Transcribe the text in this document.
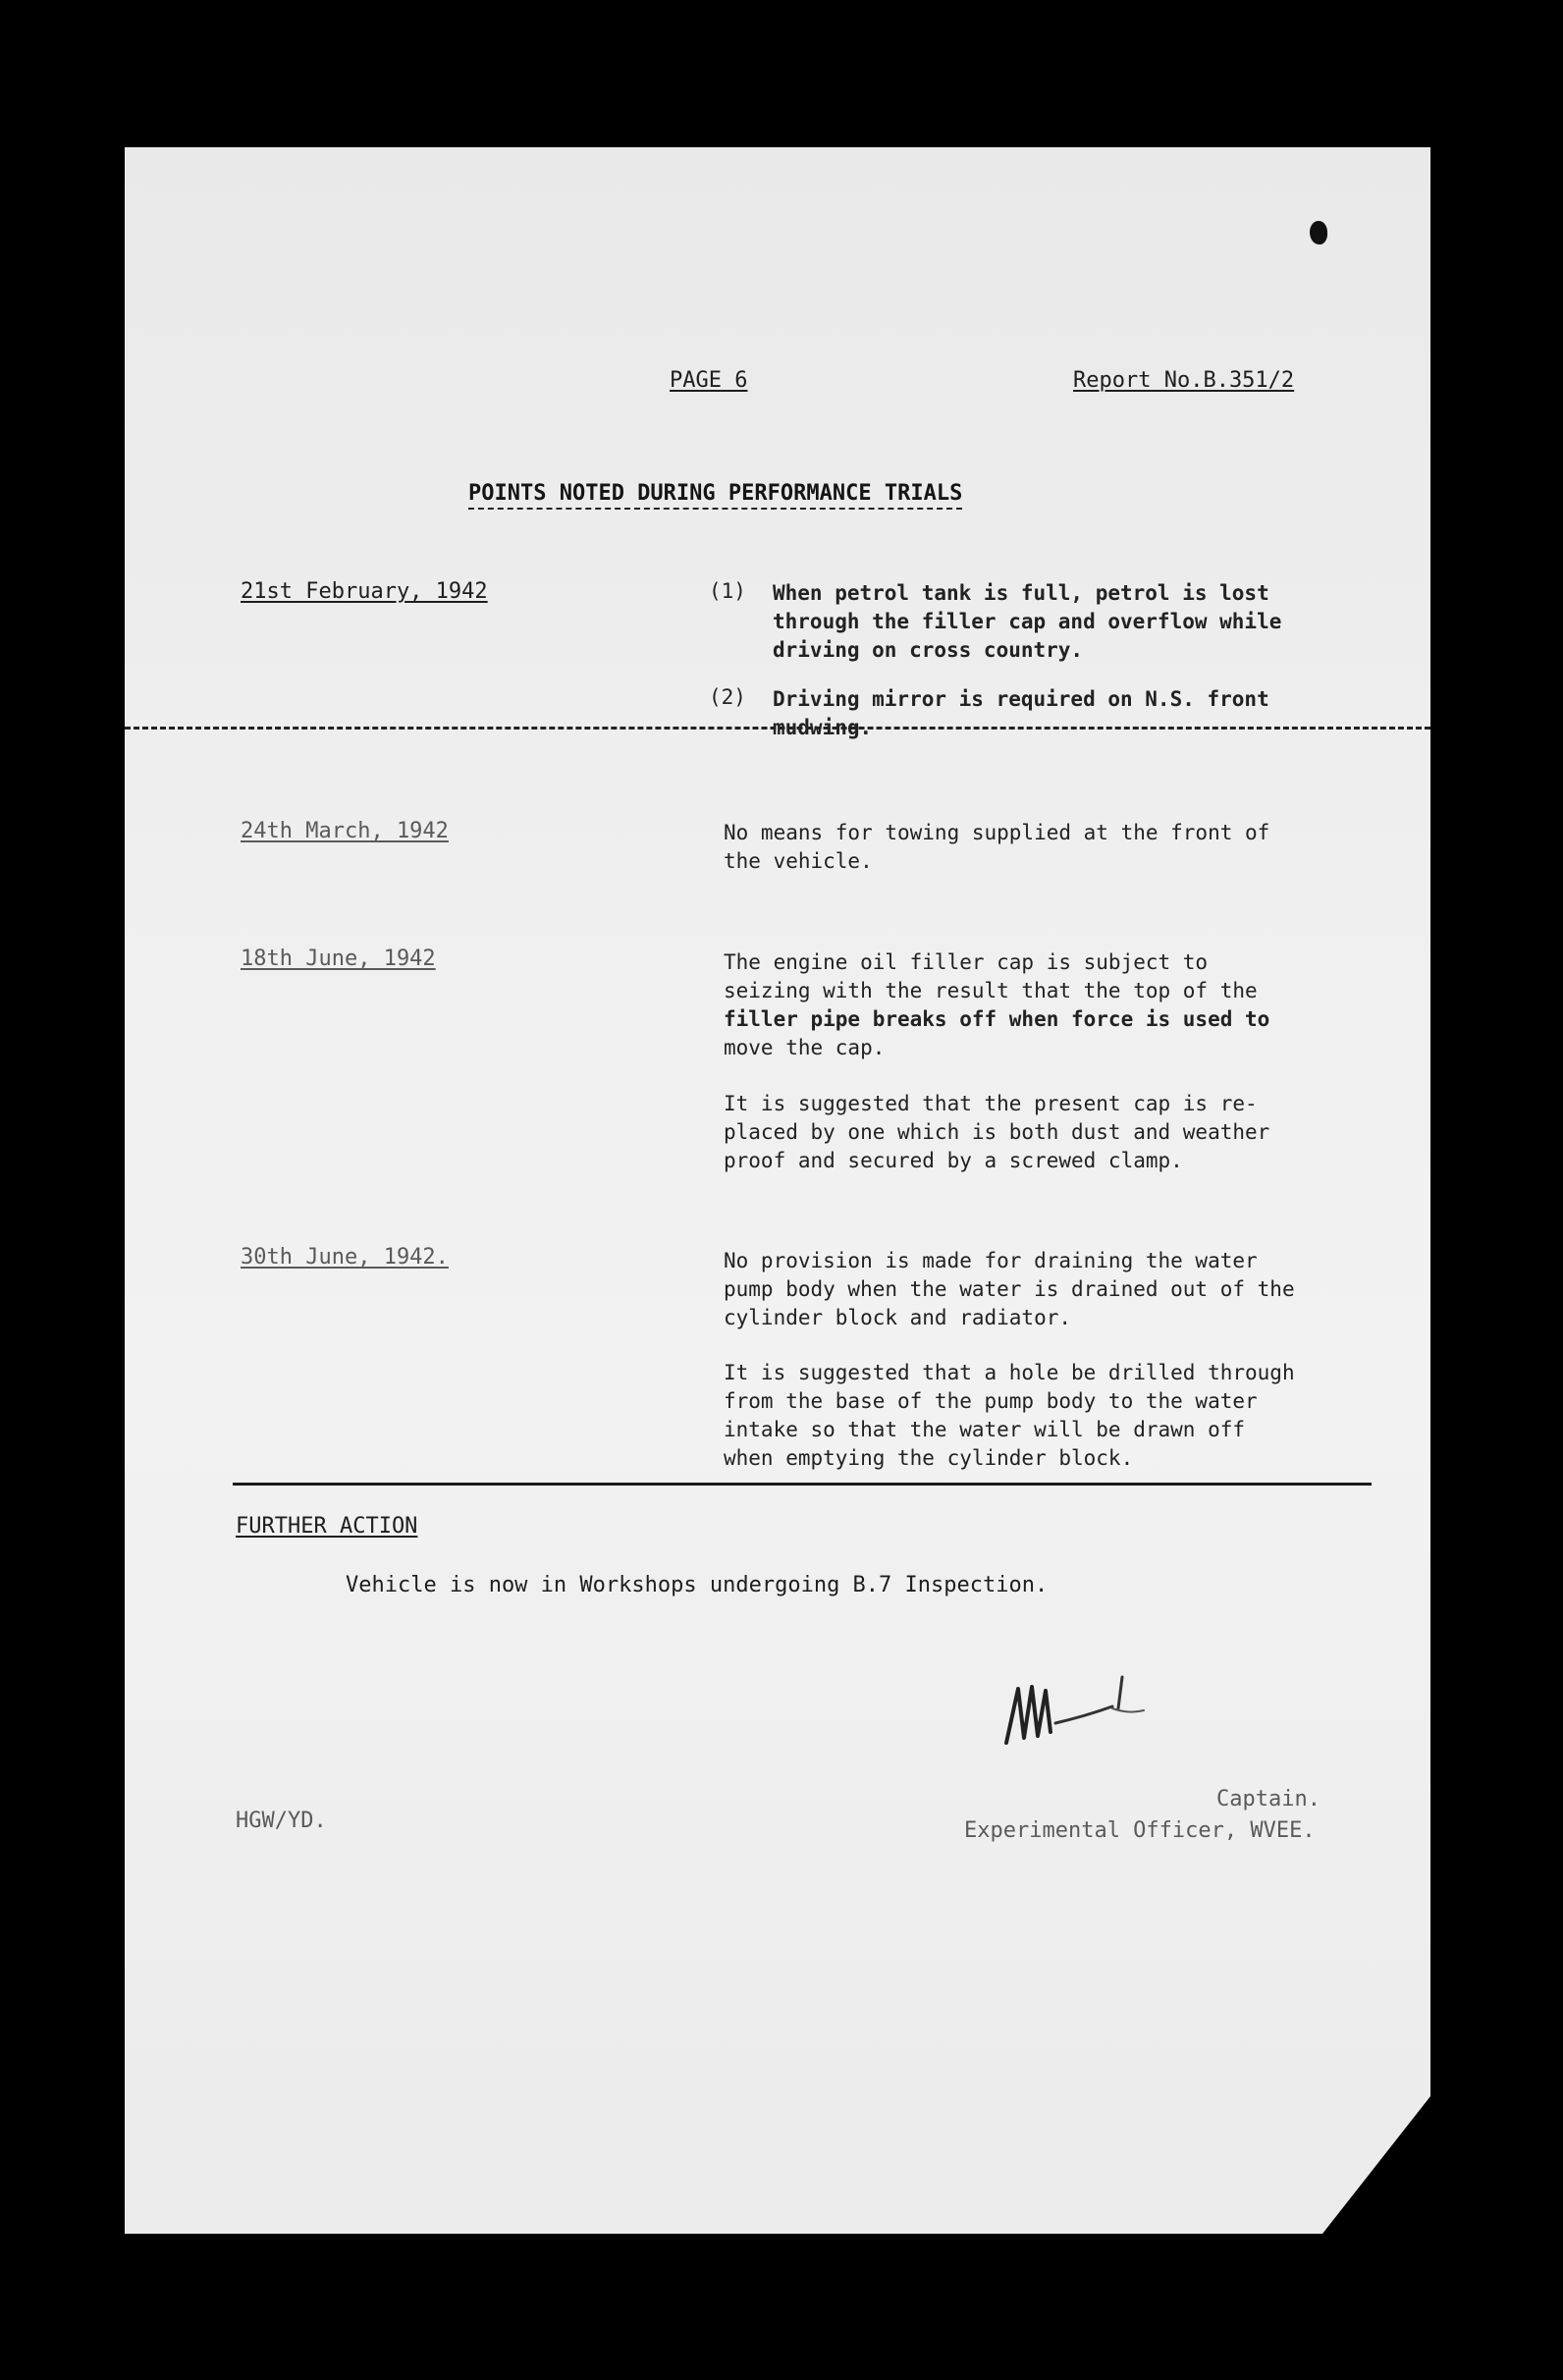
PAGE 6	Report No.B.351/2
POINTS NOTED DURING PERFORMANCE TRIALS
21st February, 1942	(1) When petrol tank is full, petrol is lost
through the filler cap and overflow while
driving on cross country.
(2) Driving mirror is required on N.S. front
mudwing.
24th March, 1942	No means for towing supplied at the front of
the vehicle.
18th June, 1942	The engine oil filler cap is subject to
seizing with the result that the top of the
filler pipe breaks off when force is used to
move the cap.
It is suggested that the present cap is re-
placed by one which is both dust and weather
proof and secured by a screwed clamp.
30th June, 1942.	No provision is made for draining the water
pump body when the water is drained out of the
cylinder block and radiator.
It is suggested that a hole be drilled through
from the base of the pump body to the water
intake so that the water will be drawn off
when emptying the cylinder block.
FURTHER ACTION
Vehicle is now in Workshops undergoing B.7 Inspection.
HGW/YD.
Captain.
Experimental Officer, WVEE.
